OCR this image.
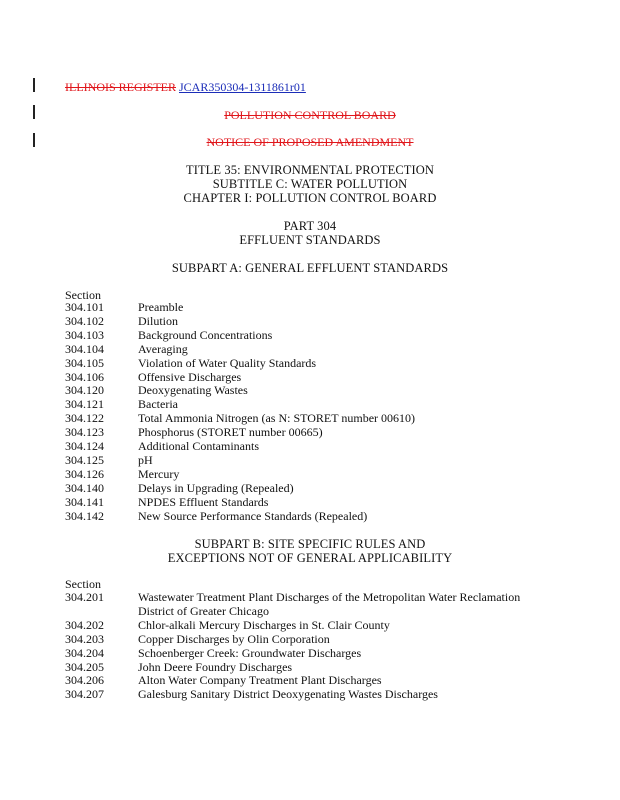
ILLINOIS REGISTER JCAR350304-1311861r01
POLLUTION CONTROL BOARD
NOTICE OF PROPOSED AMENDMENT
TITLE 35: ENVIRONMENTAL PROTECTION
SUBTITLE C: WATER POLLUTION
CHAPTER I: POLLUTION CONTROL BOARD
PART 304
EFFLUENT STANDARDS
SUBPART A: GENERAL EFFLUENT STANDARDS
Section
304.101	Preamble
304.102	Dilution
304.103	Background Concentrations
304.104	Averaging
304.105	Violation of Water Quality Standards
304.106	Offensive Discharges
304.120	Deoxygenating Wastes
304.121	Bacteria
304.122	Total Ammonia Nitrogen (as N: STORET number 00610)
304.123	Phosphorus (STORET number 00665)
304.124	Additional Contaminants
304.125	pH
304.126	Mercury
304.140	Delays in Upgrading (Repealed)
304.141	NPDES Effluent Standards
304.142	New Source Performance Standards (Repealed)
SUBPART B: SITE SPECIFIC RULES AND
EXCEPTIONS NOT OF GENERAL APPLICABILITY
Section
304.201	Wastewater Treatment Plant Discharges of the Metropolitan Water Reclamation District of Greater Chicago
304.202	Chlor-alkali Mercury Discharges in St. Clair County
304.203	Copper Discharges by Olin Corporation
304.204	Schoenberger Creek: Groundwater Discharges
304.205	John Deere Foundry Discharges
304.206	Alton Water Company Treatment Plant Discharges
304.207	Galesburg Sanitary District Deoxygenating Wastes Discharges
